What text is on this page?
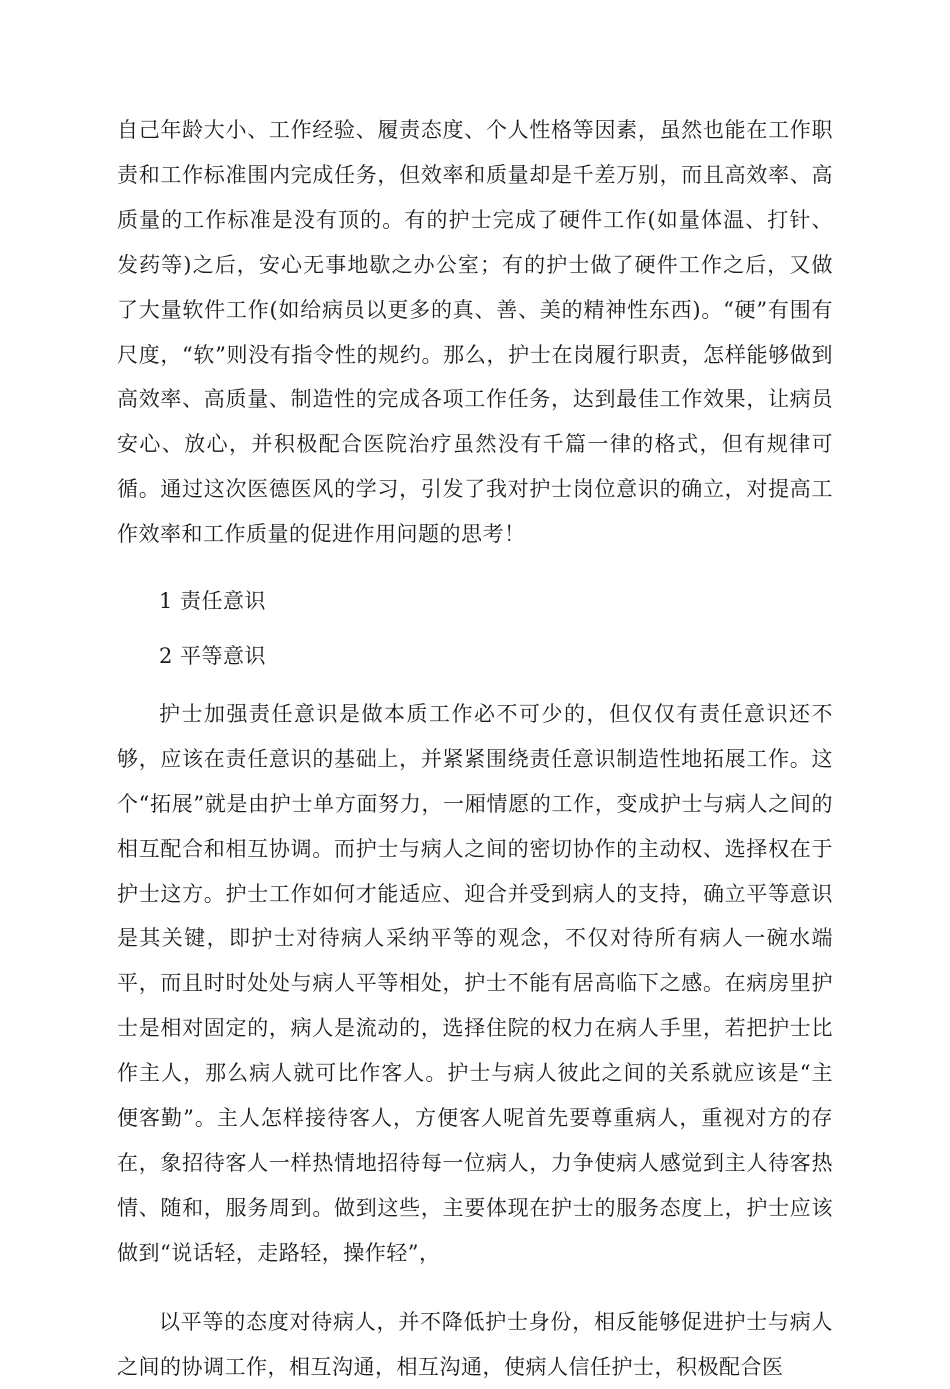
自己年龄大小、工作经验、履责态度、个人性格等因素，虽然也能在工作职责和工作标准围内完成任务，但效率和质量却是千差万别，而且高效率、高质量的工作标准是没有顶的。有的护士完成了硬件工作(如量体温、打针、发药等)之后，安心无事地歇之办公室；有的护士做了硬件工作之后，又做了大量软件工作(如给病员以更多的真、善、美的精神性东西)。“硬”有围有尺度，“软”则没有指令性的规约。那么，护士在岗履行职责，怎样能够做到高效率、高质量、制造性的完成各项工作任务，达到最佳工作效果，让病员安心、放心，并积极配合医院治疗虽然没有千篇一律的格式，但有规律可循。通过这次医德医风的学习，引发了我对护士岗位意识的确立，对提高工作效率和工作质量的促进作用问题的思考！

1 责任意识

2 平等意识

护士加强责任意识是做本质工作必不可少的，但仅仅有责任意识还不够，应该在责任意识的基础上，并紧紧围绕责任意识制造性地拓展工作。这个“拓展”就是由护士单方面努力，一厢情愿的工作，变成护士与病人之间的相互配合和相互协调。而护士与病人之间的密切协作的主动权、选择权在于护士这方。护士工作如何才能适应、迎合并受到病人的支持，确立平等意识是其关键，即护士对待病人采纳平等的观念，不仅对待所有病人一碗水端平，而且时时处处与病人平等相处，护士不能有居高临下之感。在病房里护士是相对固定的，病人是流动的，选择住院的权力在病人手里，若把护士比作主人，那么病人就可比作客人。护士与病人彼此之间的关系就应该是“主便客勤”。主人怎样接待客人，方便客人呢首先要尊重病人，重视对方的存在，象招待客人一样热情地招待每一位病人，力争使病人感觉到主人待客热情、随和，服务周到。做到这些，主要体现在护士的服务态度上，护士应该做到“说话轻，走路轻，操作轻”，

以平等的态度对待病人，并不降低护士身份，相反能够促进护士与病人之间的协调工作，相互沟通，相互沟通，使病人信任护士，积极配合医
